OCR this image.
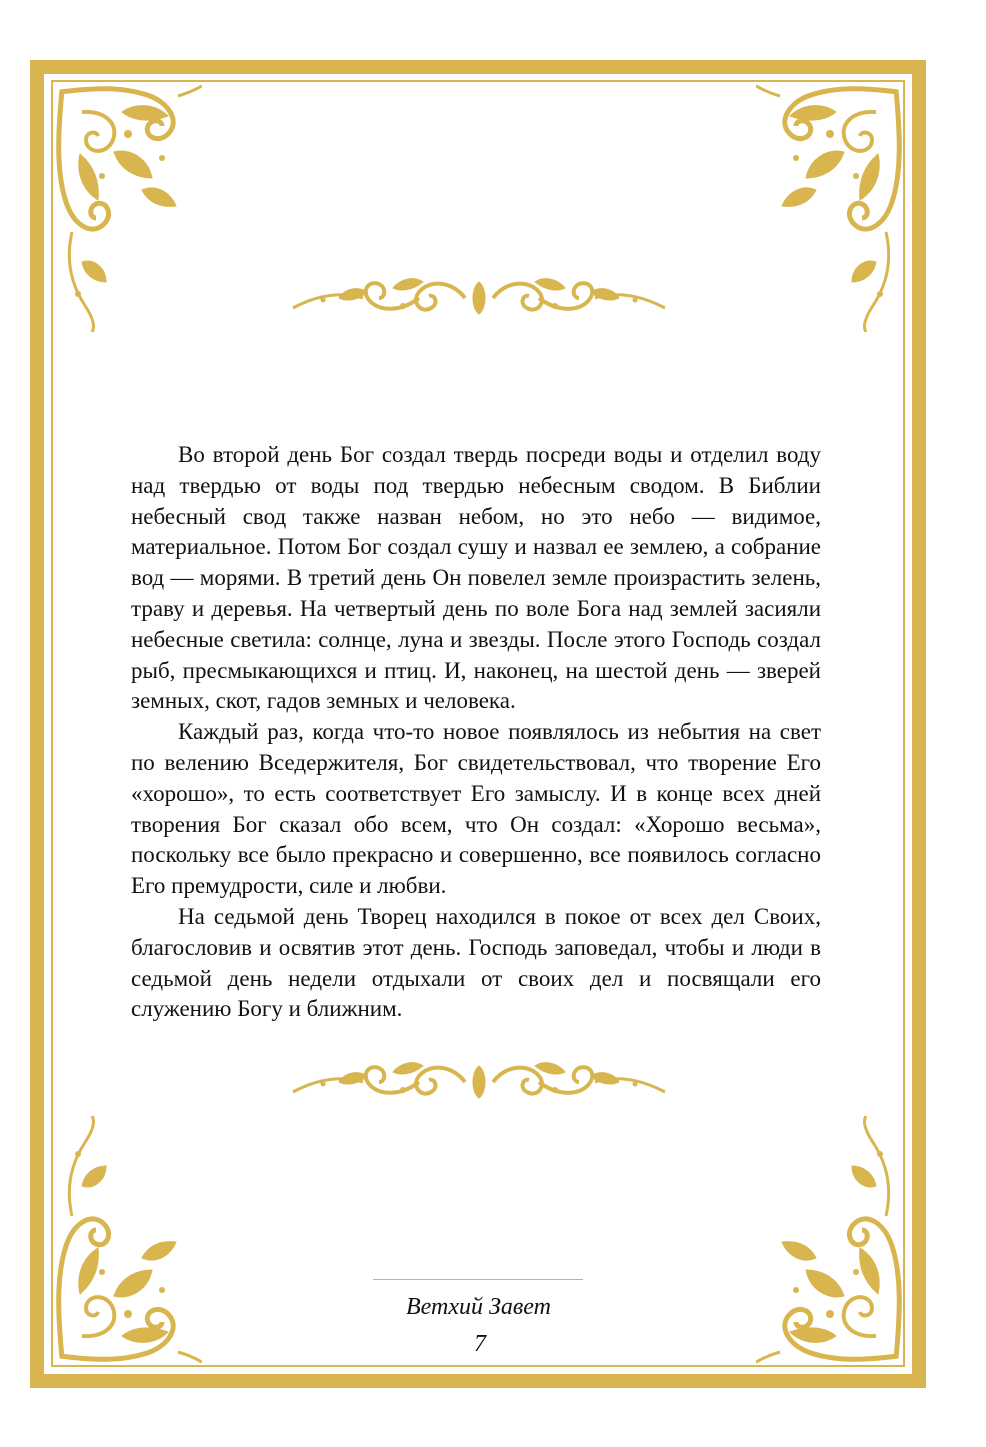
Во второй день Бог создал твердь посреди воды и отделил воду над твердью от воды под твердью небесным сводом. В Библии небесный свод также назван небом, но это небо — видимое, материальное. Потом Бог создал сушу и назвал ее землею, а собрание вод — морями. В третий день Он повелел земле произрастить зелень, траву и деревья. На четвертый день по воле Бога над землей засияли небесные светила: солнце, луна и звезды. После этого Господь создал рыб, пресмыкающихся и птиц. И, наконец, на шестой день — зверей земных, скот, гадов земных и человека.

Каждый раз, когда что-то новое появлялось из небытия на свет по велению Вседержителя, Бог свидетельствовал, что творение Его «хорошо», то есть соответствует Его замыслу. И в конце всех дней творения Бог сказал обо всем, что Он создал: «Хорошо весьма», поскольку все было прекрасно и совершенно, все появилось согласно Его премудрости, силе и любви.

На седьмой день Творец находился в покое от всех дел Своих, благословив и освятив этот день. Господь заповедал, чтобы и люди в седьмой день недели отдыхали от своих дел и посвящали его служению Богу и ближним.

Ветхий Завет
7
